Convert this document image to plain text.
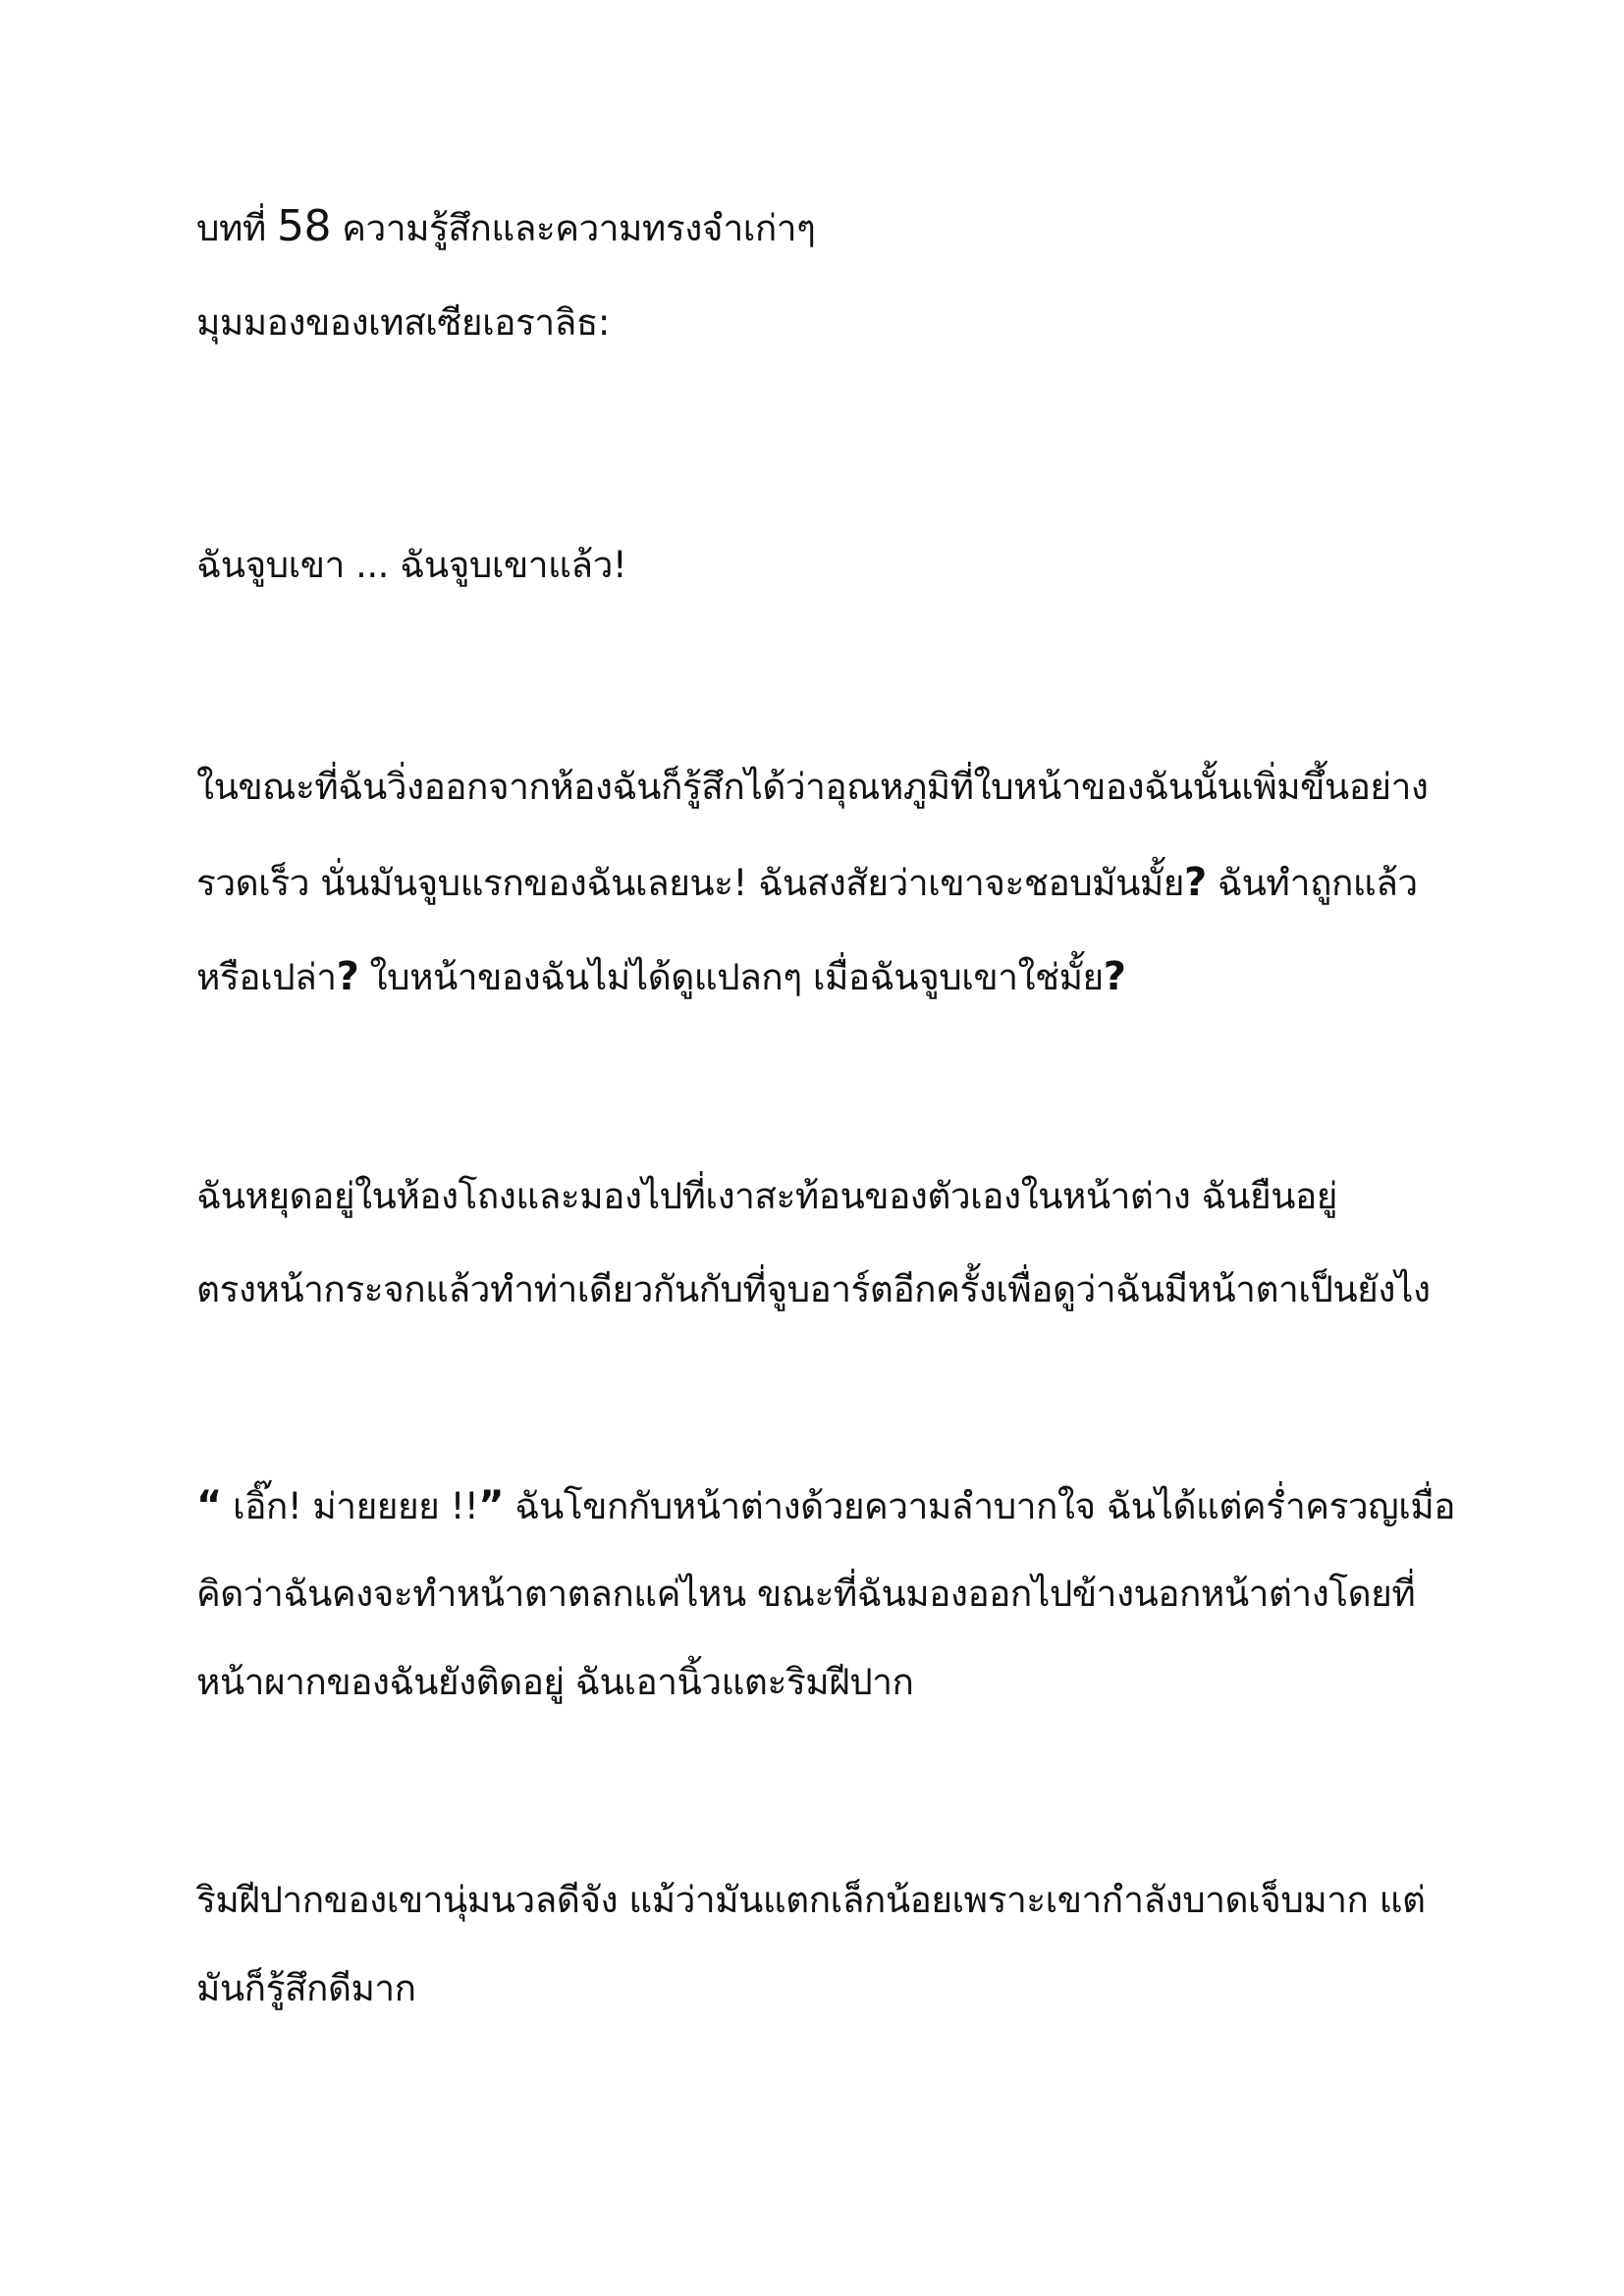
บทที่ 58 ความรู้สึกและความทรงจำเก่าๆ
มุมมองของเทสเซียเอราลิธ:
ฉันจูบเขา ... ฉันจูบเขาแล้ว!
ในขณะที่ฉันวิ่งออกจากห้องฉันก็รู้สึกได้ว่าอุณหภูมิที่ใบหน้าของฉันนั้นเพิ่มขึ้นอย่าง
รวดเร็ว นั่นมันจูบแรกของฉันเลยนะ! ฉันสงสัยว่าเขาจะชอบมันมั้ย? ฉันทำถูกแล้ว
หรือเปล่า? ใบหน้าของฉันไม่ได้ดูแปลกๆ เมื่อฉันจูบเขาใช่มั้ย?
ฉันหยุดอยู่ในห้องโถงและมองไปที่เงาสะท้อนของตัวเองในหน้าต่าง ฉันยืนอยู่
ตรงหน้ากระจกแล้วทำท่าเดียวกันกับที่จูบอาร์ตอีกครั้งเพื่อดูว่าฉันมีหน้าตาเป็นยังไง
“ เอิ๊ก! ม่ายยยย !!” ฉันโขกกับหน้าต่างด้วยความลำบากใจ ฉันได้แต่คร่ำครวญเมื่อ
คิดว่าฉันคงจะทำหน้าตาตลกแค่ไหน ขณะที่ฉันมองออกไปข้างนอกหน้าต่างโดยที่
หน้าผากของฉันยังติดอยู่ ฉันเอานิ้วแตะริมฝีปาก
ริมฝีปากของเขานุ่มนวลดีจัง แม้ว่ามันแตกเล็กน้อยเพราะเขากำลังบาดเจ็บมาก แต่
มันก็รู้สึกดีมาก
